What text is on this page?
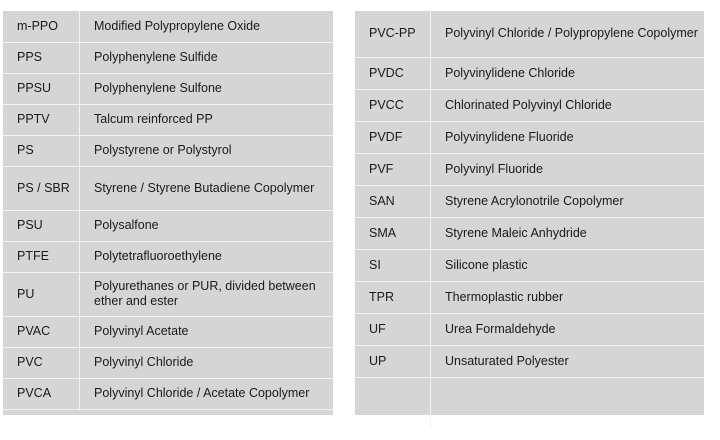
m-PPO	Modified Polypropylene Oxide
PPS	Polyphenylene Sulfide
PPSU	Polyphenylene Sulfone
PPTV	Talcum reinforced PP
PS	Polystyrene or Polystyrol
PS / SBR	Styrene / Styrene Butadiene Copolymer
PSU	Polysalfone
PTFE	Polytetrafluoroethylene
PU	Polyurethanes or PUR, divided between ether and ester
PVAC	Polyvinyl Acetate
PVC	Polyvinyl Chloride
PVCA	Polyvinyl Chloride / Acetate Copolymer
PVC-PP	Polyvinyl Chloride / Polypropylene Copolymer
PVDC	Polyvinylidene Chloride
PVCC	Chlorinated Polyvinyl Chloride
PVDF	Polyvinylidene Fluoride
PVF	Polyvinyl Fluoride
SAN	Styrene Acrylonotrile Copolymer
SMA	Styrene Maleic Anhydride
SI	Silicone plastic
TPR	Thermoplastic rubber
UF	Urea Formaldehyde
UP	Unsaturated Polyester
